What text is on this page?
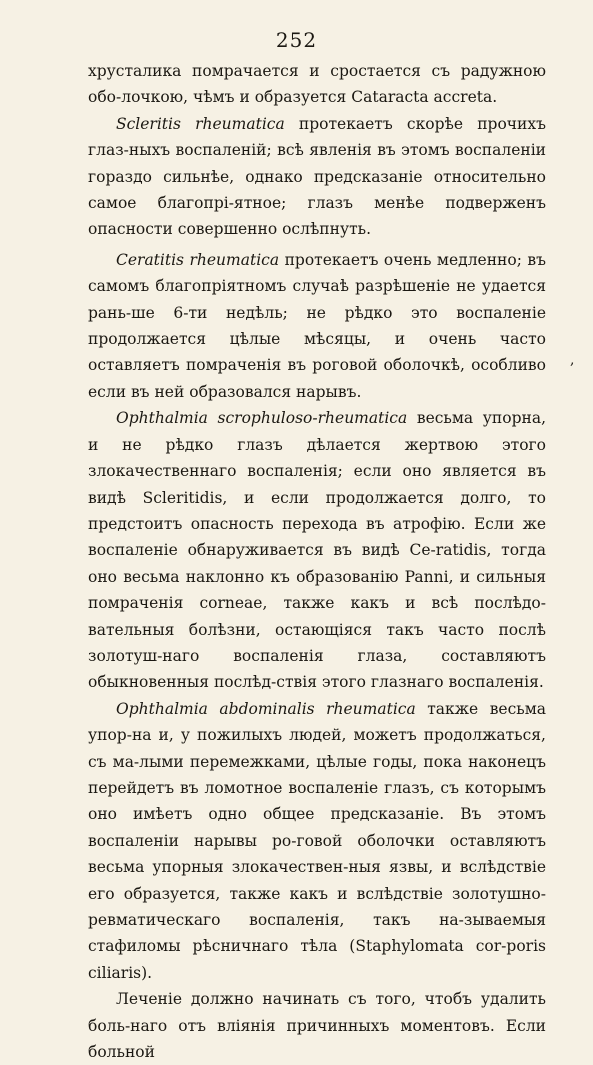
252

хрусталика помрачается и сростается съ радужною обо-лочкою, чѣмъ и образуется Cataracta accreta.

Scleritis rheumatica протекаетъ скорѣе прочихъ глаз-ныхъ воспаленій; всѣ явленія въ этомъ воспаленіи гораздо сильнѣе, однако предсказаніе относительно самое благопрі-ятное; глазъ менѣе подверженъ опасности совершенно ослѣпнуть.

Ceratitis rheumatica протекаетъ очень медленно; въ самомъ благопріятномъ случаѣ разрѣшеніе не удается рань-ше 6-ти недѣль; не рѣдко это воспаленіе продолжается цѣлые мѣсяцы, и очень часто оставляетъ помраченія въ роговой оболочкѣ, особливо если въ ней образовался нарывъ.

Ophthalmia scrophuloso-rheumatica весьма упорна, и не рѣдко глазъ дѣлается жертвою этого злокачественнаго воспаленія; если оно является въ видѣ Scleritidis, и если продолжается долго, то предстоитъ опасность перехода въ атрофію. Если же воспаленіе обнаруживается въ видѣ Ce-ratidis, тогда оно весьма наклонно къ образованію Panni, и сильныя помраченія corneae, также какъ и всѣ послѣдо-вательныя болѣзни, остающіяся такъ часто послѣ золотуш-наго воспаленія глаза, составляютъ обыкновенныя послѣд-ствія этого глазнаго воспаленія.

Ophthalmia abdominalis rheumatica также весьма упор-на и, у пожилыхъ людей, можетъ продолжаться, съ ма-лыми перемежками, цѣлые годы, пока наконецъ перейдетъ въ ломотное воспаленіе глазъ, съ которымъ оно имѣетъ одно общее предсказаніе. Въ этомъ воспаленіи нарывы ро-говой оболочки оставляютъ весьма упорныя злокачествен-ныя язвы, и вслѣдствіе его образуется, также какъ и вслѣдствіе золотушно-ревматическаго воспаленія, такъ на-зываемыя стафиломы рѣсничнаго тѣла (Staphylomata cor-poris ciliaris).

Леченіе должно начинать съ того, чтобъ удалить боль-наго отъ вліянія причинныхъ моментовъ. Если больной

,
